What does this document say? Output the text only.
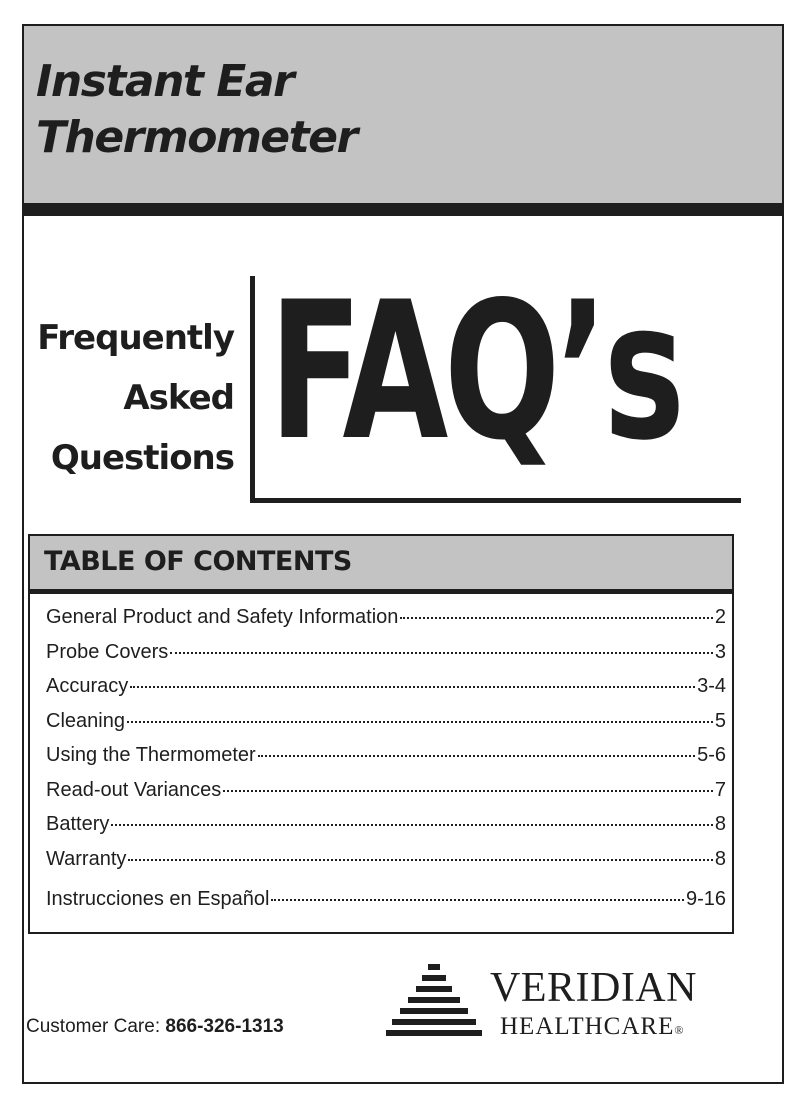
Instant Ear
Thermometer
Frequently
Asked
Questions FAQ’s

TABLE OF CONTENTS
General Product and Safety Information	2
Probe Covers	3
Accuracy	3-4
Cleaning	5
Using the Thermometer	5-6
Read-out Variances	7
Battery	8
Warranty	8
Instrucciones en Español	9-16
Customer Care: 866-326-1313
VERIDIAN
HEALTHCARE®
